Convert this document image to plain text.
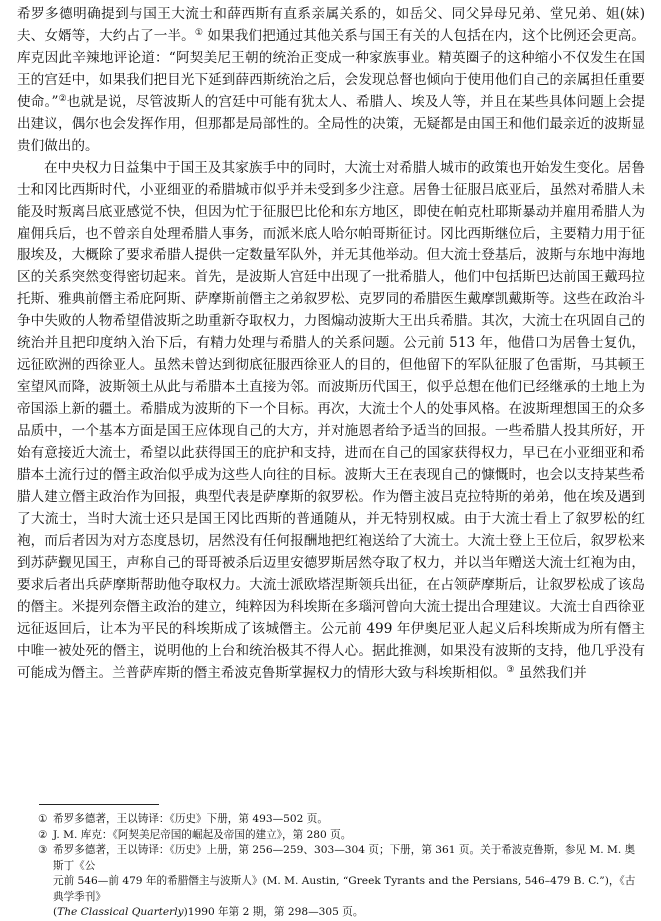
希罗多德明确提到与国王大流士和薛西斯有直系亲属关系的，如岳父、同父异母兄弟、堂兄弟、姐(妹)夫、女婿等，大约占了一半。① 如果我们把通过其他关系与国王有关的人包括在内，这个比例还会更高。库克因此辛辣地评论道：“阿契美尼王朝的统治正变成一种家族事业。精英圈子的这种缩小不仅发生在国王的宫廷中，如果我们把目光下延到薛西斯统治之后，会发现总督也倾向于使用他们自己的亲属担任重要使命。”②也就是说，尽管波斯人的宫廷中可能有犹太人、希腊人、埃及人等，并且在某些具体问题上会提出建议，偶尔也会发挥作用，但那都是局部性的。全局性的决策，无疑都是由国王和他们最亲近的波斯显贵们做出的。

在中央权力日益集中于国王及其家族手中的同时，大流士对希腊人城市的政策也开始发生变化。居鲁士和冈比西斯时代，小亚细亚的希腊城市似乎并未受到多少注意。居鲁士征服吕底亚后，虽然对希腊人未能及时叛离吕底亚感觉不快，但因为忙于征服巴比伦和东方地区，即使在帕克杜耶斯暴动并雇用希腊人为雇佣兵后，也不曾亲自处理希腊人事务，而派米底人哈尔帕哥斯征讨。冈比西斯继位后，主要精力用于征服埃及，大概除了要求希腊人提供一定数量军队外，并无其他举动。但大流士登基后，波斯与东地中海地区的关系突然变得密切起来。首先，是波斯人宫廷中出现了一批希腊人，他们中包括斯巴达前国王戴玛拉托斯、雅典前僭主希庇阿斯、萨摩斯前僭主之弟叙罗松、克罗同的希腊医生戴摩凯戴斯等。这些在政治斗争中失败的人物希望借波斯之助重新夺取权力，力图煽动波斯大王出兵希腊。其次，大流士在巩固自己的统治并且把印度纳入治下后，有精力处理与希腊人的关系问题。公元前 513 年，他借口为居鲁士复仇，远征欧洲的西徐亚人。虽然未曾达到彻底征服西徐亚人的目的，但他留下的军队征服了色雷斯，马其顿王室望风而降，波斯领土从此与希腊本土直接为邻。而波斯历代国王，似乎总想在他们已经继承的土地上为帝国添上新的疆土。希腊成为波斯的下一个目标。再次，大流士个人的处事风格。在波斯理想国王的众多品质中，一个基本方面是国王应体现自己的大方，并对施恩者给予适当的回报。一些希腊人投其所好，开始有意接近大流士，希望以此获得国王的庇护和支持，进而在自己的国家获得权力，早已在小亚细亚和希腊本土流行过的僭主政治似乎成为这些人向往的目标。波斯大王在表现自己的慷慨时，也会以支持某些希腊人建立僭主政治作为回报，典型代表是萨摩斯的叙罗松。作为僭主波吕克拉特斯的弟弟，他在埃及遇到了大流士，当时大流士还只是国王冈比西斯的普通随从，并无特别权威。由于大流士看上了叙罗松的红袍，而后者因为对方态度恳切，居然没有任何报酬地把红袍送给了大流士。大流士登上王位后，叙罗松来到苏萨觐见国王，声称自己的哥哥被杀后迈里安德罗斯居然夺取了权力，并以当年赠送大流士红袍为由，要求后者出兵萨摩斯帮助他夺取权力。大流士派欧塔涅斯领兵出征，在占领萨摩斯后，让叙罗松成了该岛的僭主。米提列奈僭主政治的建立，纯粹因为科埃斯在多瑙河曾向大流士提出合理建议。大流士自西徐亚远征返回后，让本为平民的科埃斯成了该城僭主。公元前 499 年伊奥尼亚人起义后科埃斯成为所有僭主中唯一被处死的僭主，说明他的上台和统治极其不得人心。据此推测，如果没有波斯的支持，他几乎没有可能成为僭主。兰普萨库斯的僭主希波克鲁斯掌握权力的情形大致与科埃斯相似。③ 虽然我们并

① 希罗多德著，王以铸译：《历史》下册，第 493—502 页。
② J. M. 库克：《阿契美尼帝国的崛起及帝国的建立》，第 280 页。
③ 希罗多德著，王以铸译：《历史》上册，第 256—259、303—304 页；下册，第 361 页。关于希波克鲁斯，参见 M. M. 奥斯丁《公
元前 546—前 479 年的希腊僭主与波斯人》(M. M. Austin, “Greek Tyrants and the Persians, 546–479 B. C.”)，《古典学季刊》
(The Classical Quarterly)1990 年第 2 期，第 298—305 页。
